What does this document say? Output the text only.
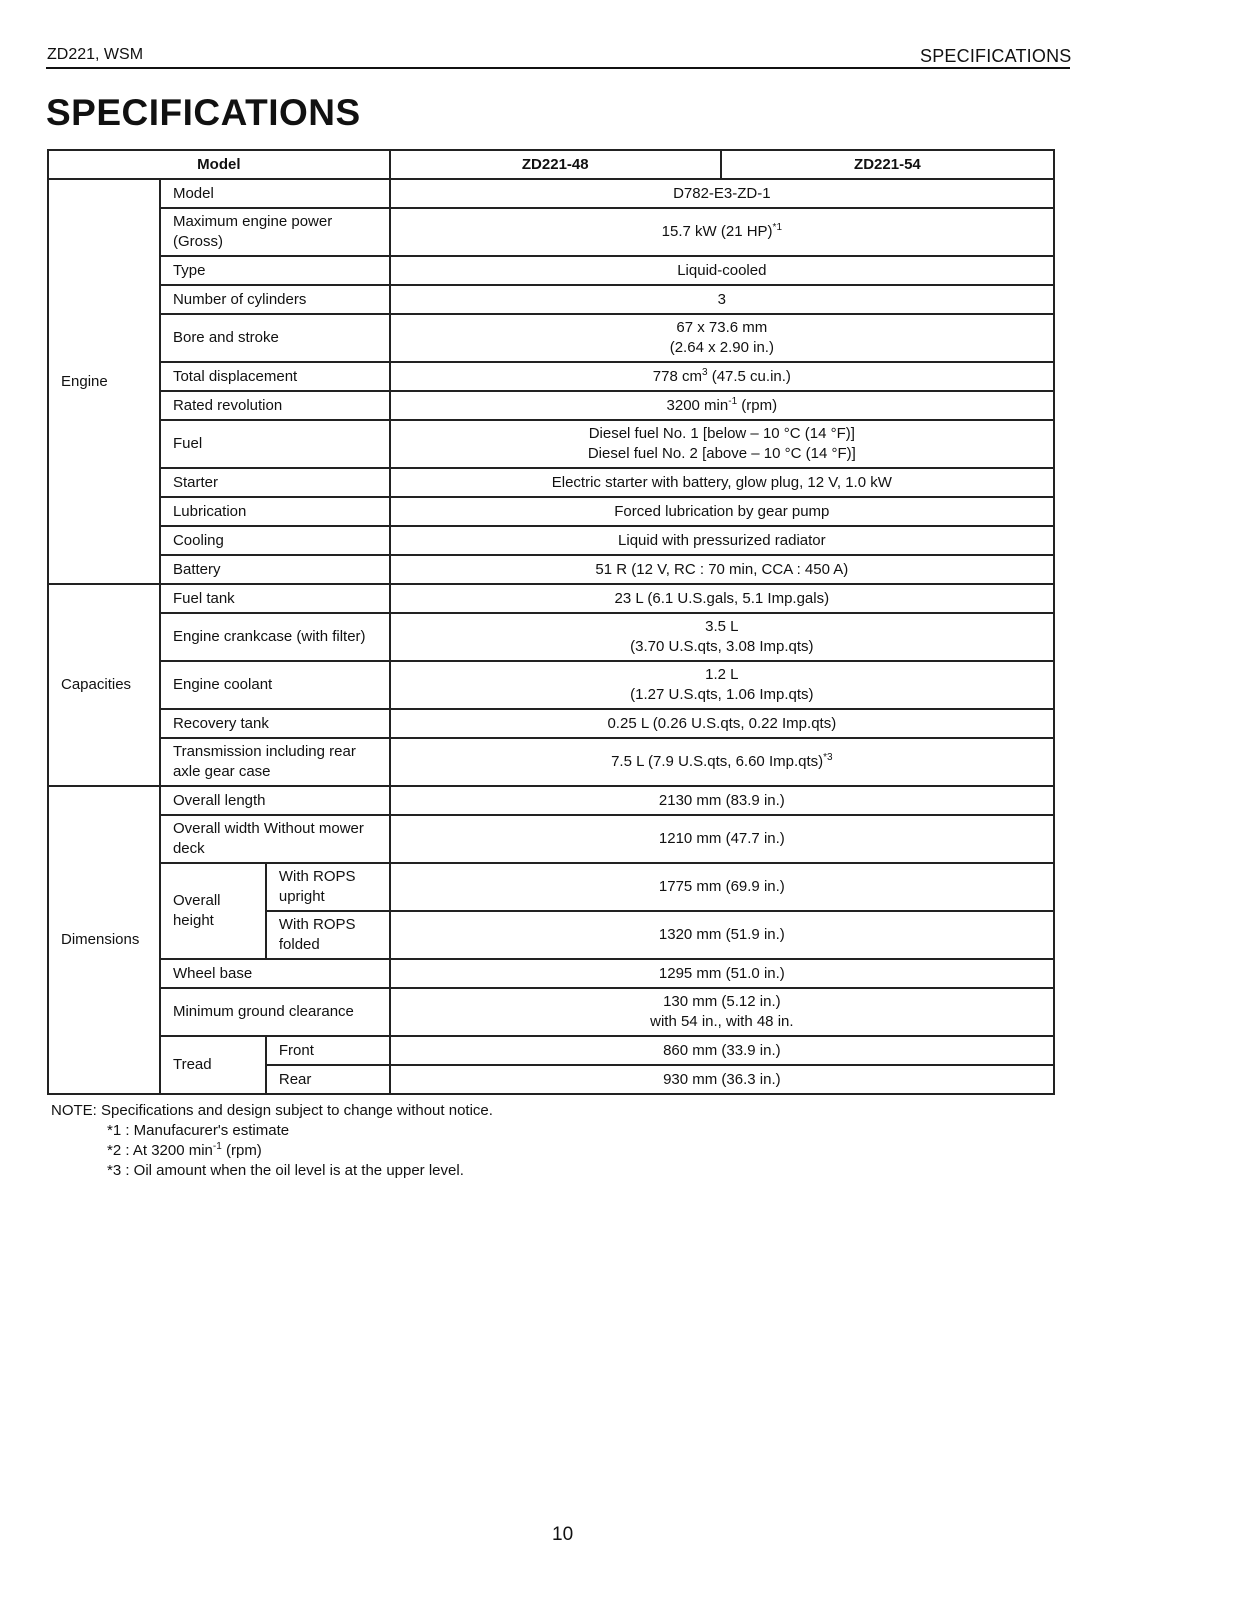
ZD221, WSM	SPECIFICATIONS
SPECIFICATIONS
Model			ZD221-48	ZD221-54
Engine	Model		D782-E3-ZD-1	
	Maximum engine power (Gross)		15.7 kW (21 HP)$^{*1}$
	Type		Liquid-cooled	
	Number of cylinders		3	
	Bore and stroke		67 x 73.6 mm
(2.64 x 2.90 in.)	

	Total displacement		778 $cm^3$ (47.5 cu.in.)	
	Rated revolution		3200 $\min^{-1} (rpm)$	
	Fuel		Diesel fuel No. 1 [below – 10 °C (14 °F)]
Diesel fuel No. 2 [above – 10 °C (14 °F)]	

	Starter		Electric starter with battery, glow plug, 12 V, 1.0 kW	
	Lubrication		Forced lubrication by gear pump	
	Cooling		Liquid with pressurized radiator	
	Battery		51 R (12 V, RC : 70 min, CCA : 450 A)	
Capacities	Fuel tank		23 L (6.1 U.S.gals, 5.1 Imp.gals)	
	Engine crankcase (with filter)		3.5 L
(3.70 U.S.qts, 3.08 Imp.qts)	

	Engine coolant		1.2 L
(1.27 U.S.qts, 1.06 Imp.qts)	

	Recovery tank		0.25 L (0.26 U.S.qts, 0.22 Imp.qts)	
	Transmission including rear axle gear case		7.5 L (7.9 U.S.qts, 6.60 Imp.qts)$^{*3}$
Dimensions	Overall length		2130 mm (83.9 in.)	
	Overall width Without mower deck		1210 mm (47.7 in.)	
	Overall height	With ROPS upright	1775 mm (69.9 in.)	
		With ROPS folded	1320 mm (51.9 in.)	
	Wheel base		1295 mm (51.0 in.)	
	Minimum ground clearance		130 mm (5.12 in.)
with 54 in., with 48 in.	

	Tread	Front	860 mm (33.9 in.)	
		Rear	930 mm (36.3 in.)	
NOTE: Specifications and design subject to change without notice.
*1 : Manufacurer's estimate
*2 : At 3200 $\min^{-1} (rpm)$
*3 : Oil amount when the oil level is at the upper level.
10
